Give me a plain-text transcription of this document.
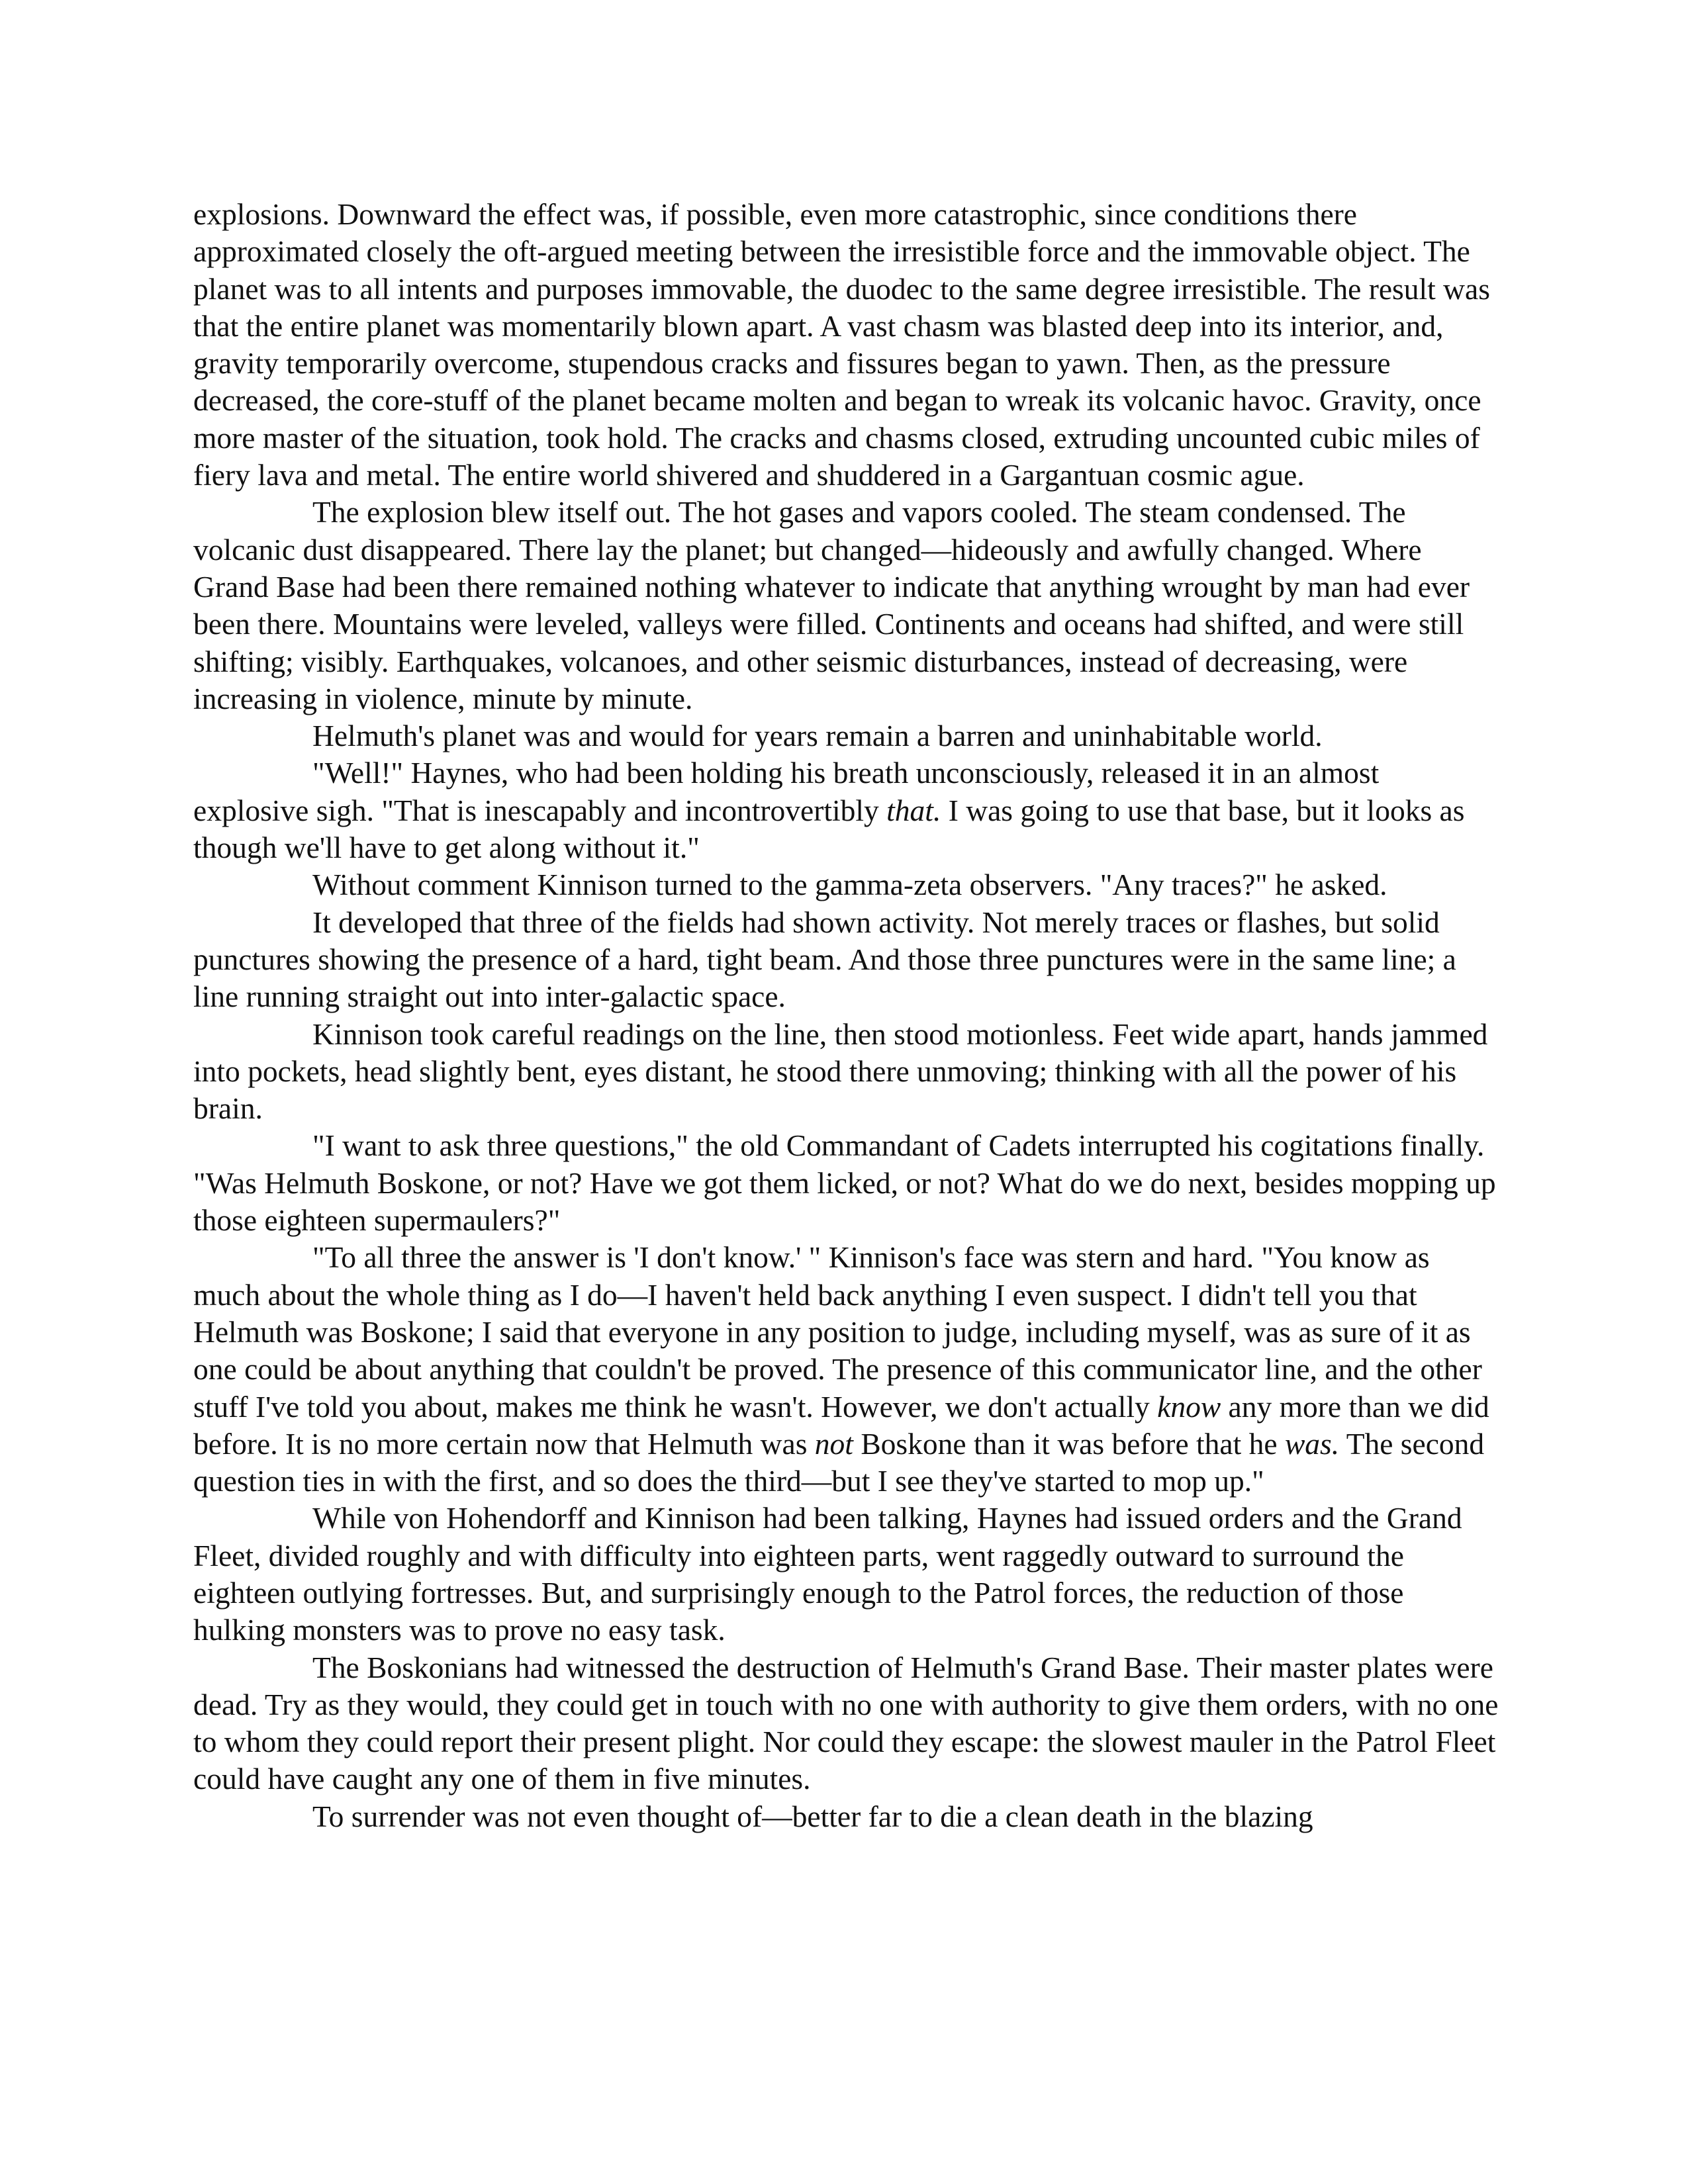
explosions. Downward the effect was, if possible, even more catastrophic, since conditions there approximated closely the oft-argued meeting between the irresistible force and the immovable object. The planet was to all intents and purposes immovable, the duodec to the same degree irresistible. The result was that the entire planet was momentarily blown apart. A vast chasm was blasted deep into its interior, and, gravity temporarily overcome, stupendous cracks and fissures began to yawn. Then, as the pressure decreased, the core-stuff of the planet became molten and began to wreak its volcanic havoc. Gravity, once more master of the situation, took hold. The cracks and chasms closed, extruding uncounted cubic miles of fiery lava and metal. The entire world shivered and shuddered in a Gargantuan cosmic ague.

The explosion blew itself out. The hot gases and vapors cooled. The steam condensed. The volcanic dust disappeared. There lay the planet; but changed—hideously and awfully changed. Where Grand Base had been there remained nothing whatever to indicate that anything wrought by man had ever been there. Mountains were leveled, valleys were filled. Continents and oceans had shifted, and were still shifting; visibly. Earthquakes, volcanoes, and other seismic disturbances, instead of decreasing, were increasing in violence, minute by minute.

Helmuth's planet was and would for years remain a barren and uninhabitable world.

"Well!" Haynes, who had been holding his breath unconsciously, released it in an almost explosive sigh. "That is inescapably and incontrovertibly that. I was going to use that base, but it looks as though we'll have to get along without it."

Without comment Kinnison turned to the gamma-zeta observers. "Any traces?" he asked.

It developed that three of the fields had shown activity. Not merely traces or flashes, but solid punctures showing the presence of a hard, tight beam. And those three punctures were in the same line; a line running straight out into inter-galactic space.

Kinnison took careful readings on the line, then stood motionless. Feet wide apart, hands jammed into pockets, head slightly bent, eyes distant, he stood there unmoving; thinking with all the power of his brain.

"I want to ask three questions," the old Commandant of Cadets interrupted his cogitations finally. "Was Helmuth Boskone, or not? Have we got them licked, or not? What do we do next, besides mopping up those eighteen supermaulers?"

"To all three the answer is 'I don't know.' " Kinnison's face was stern and hard. "You know as much about the whole thing as I do—I haven't held back anything I even suspect. I didn't tell you that Helmuth was Boskone; I said that everyone in any position to judge, including myself, was as sure of it as one could be about anything that couldn't be proved. The presence of this communicator line, and the other stuff I've told you about, makes me think he wasn't. However, we don't actually know any more than we did before. It is no more certain now that Helmuth was not Boskone than it was before that he was. The second question ties in with the first, and so does the third—but I see they've started to mop up."

While von Hohendorff and Kinnison had been talking, Haynes had issued orders and the Grand Fleet, divided roughly and with difficulty into eighteen parts, went raggedly outward to surround the eighteen outlying fortresses. But, and surprisingly enough to the Patrol forces, the reduction of those hulking monsters was to prove no easy task.

The Boskonians had witnessed the destruction of Helmuth's Grand Base. Their master plates were dead. Try as they would, they could get in touch with no one with authority to give them orders, with no one to whom they could report their present plight. Nor could they escape: the slowest mauler in the Patrol Fleet could have caught any one of them in five minutes.

To surrender was not even thought of—better far to die a clean death in the blazing
